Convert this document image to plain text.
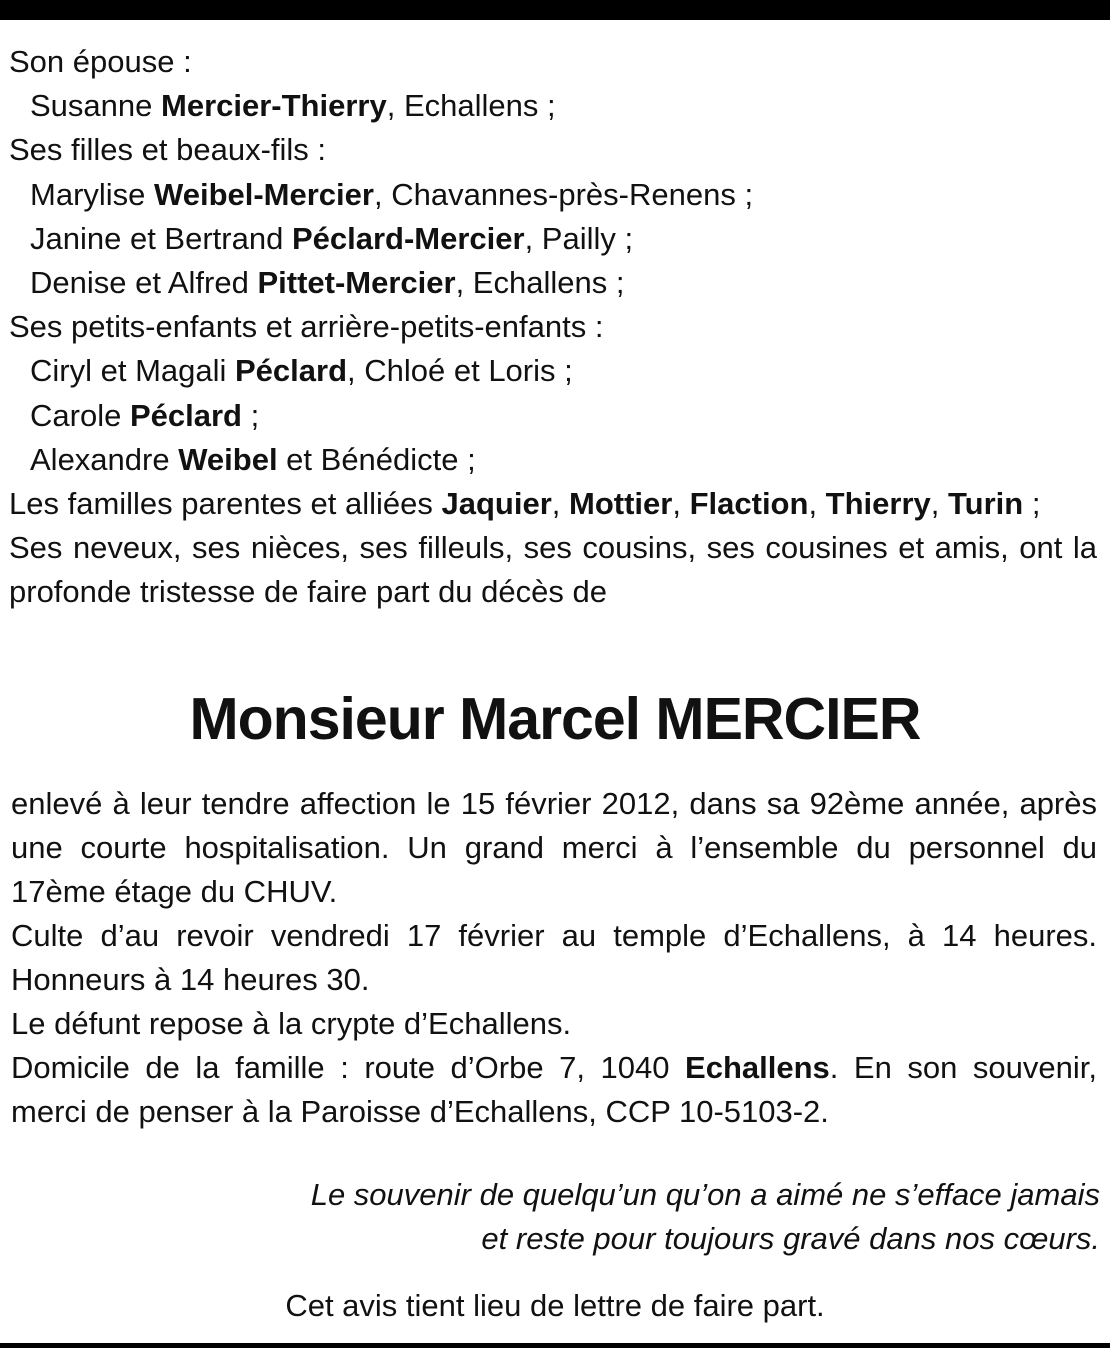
Son épouse :
Susanne Mercier-Thierry, Echallens ;
Ses filles et beaux-fils :
Marylise Weibel-Mercier, Chavannes-près-Renens ;
Janine et Bertrand Péclard-Mercier, Pailly ;
Denise et Alfred Pittet-Mercier, Echallens ;
Ses petits-enfants et arrière-petits-enfants :
Ciryl et Magali Péclard, Chloé et Loris ;
Carole Péclard ;
Alexandre Weibel et Bénédicte ;
Les familles parentes et alliées Jaquier, Mottier, Flaction, Thierry, Turin ;
Ses neveux, ses nièces, ses filleuls, ses cousins, ses cousines et amis, ont la profonde tristesse de faire part du décès de
Monsieur Marcel MERCIER

enlevé à leur tendre affection le 15 février 2012, dans sa 92ème année, après une courte hospitalisation. Un grand merci à l’ensemble du personnel du 17ème étage du CHUV.

Culte d’au revoir vendredi 17 février au temple d’Echallens, à 14 heures. Honneurs à 14 heures 30.

Le défunt repose à la crypte d’Echallens.

Domicile de la famille : route d’Orbe 7, 1040 Echallens. En son souvenir, merci de penser à la Paroisse d’Echallens, CCP 10-5103-2.

Le souvenir de quelqu’un qu’on a aimé ne s’efface jamais
et reste pour toujours gravé dans nos cœurs.
Cet avis tient lieu de lettre de faire part.
